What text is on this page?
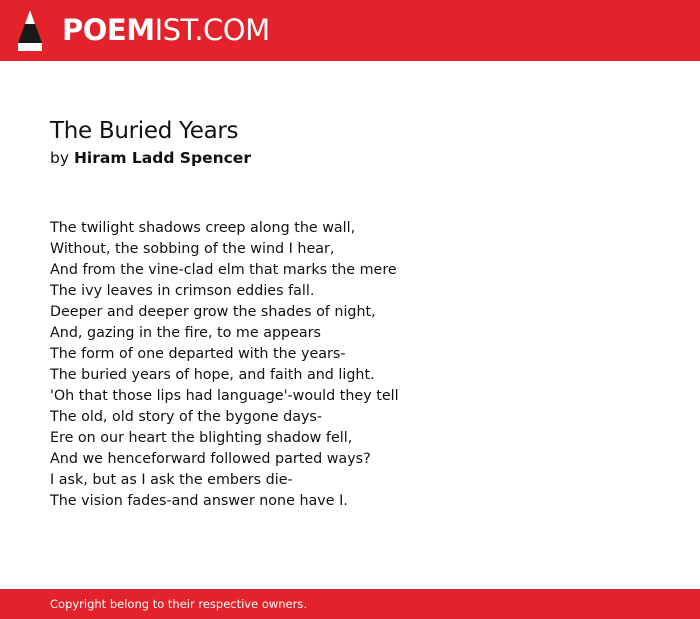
POEMIST.COM
The Buried Years
by Hiram Ladd Spencer
The twilight shadows creep along the wall,
Without, the sobbing of the wind I hear,
And from the vine-clad elm that marks the mere
The ivy leaves in crimson eddies fall.
Deeper and deeper grow the shades of night,
And, gazing in the fire, to me appears
The form of one departed with the years-
The buried years of hope, and faith and light.
'Oh that those lips had language'-would they tell
The old, old story of the bygone days-
Ere on our heart the blighting shadow fell,
And we henceforward followed parted ways?
I ask, but as I ask the embers die-
The vision fades-and answer none have I.
Copyright belong to their respective owners.
